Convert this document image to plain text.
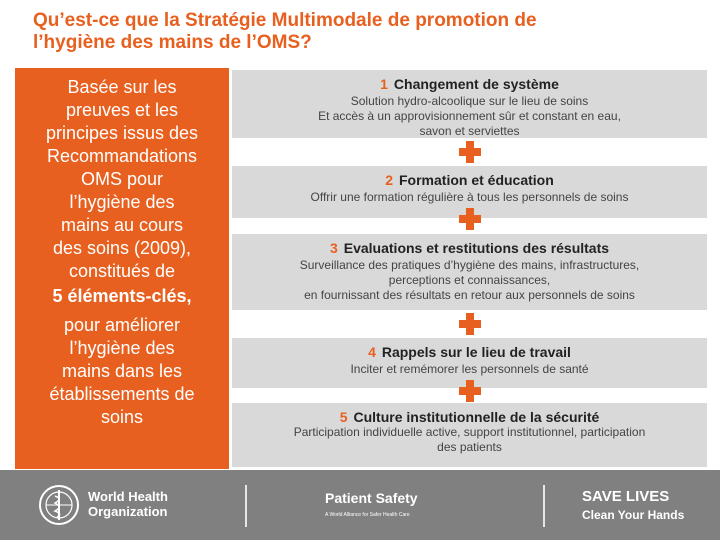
Qu’est-ce que la Stratégie Multimodale de promotion de
l’hygiène des mains de l’OMS?
Basée sur les
preuves et les
principes issus des
Recommandations
OMS pour
l’hygiène des
mains au cours
des soins (2009),
constitués de
5 éléments-clés,
pour améliorer
l’hygiène des
mains dans les
établissements de
soins
1 Changement de système
Solution hydro-alcoolique sur le lieu de soins
Et accès à un approvisionnement sûr et constant en eau,
savon et serviettes
2 Formation et éducation
Offrir une formation régulière à tous les personnels de soins
3 Evaluations et restitutions des résultats
Surveillance des pratiques d’hygiène des mains, infrastructures,
perceptions et connaissances,
en fournissant des résultats en retour aux personnels de soins
4 Rappels sur le lieu de travail
Inciter et remémorer les personnels de santé
5 Culture institutionnelle de la sécurité
Participation individuelle active, support institutionnel, participation
des patients
World Health
Organization
Patient Safety
A World Alliance for Safer Health Care
SAVE LIVES
Clean Your Hands
